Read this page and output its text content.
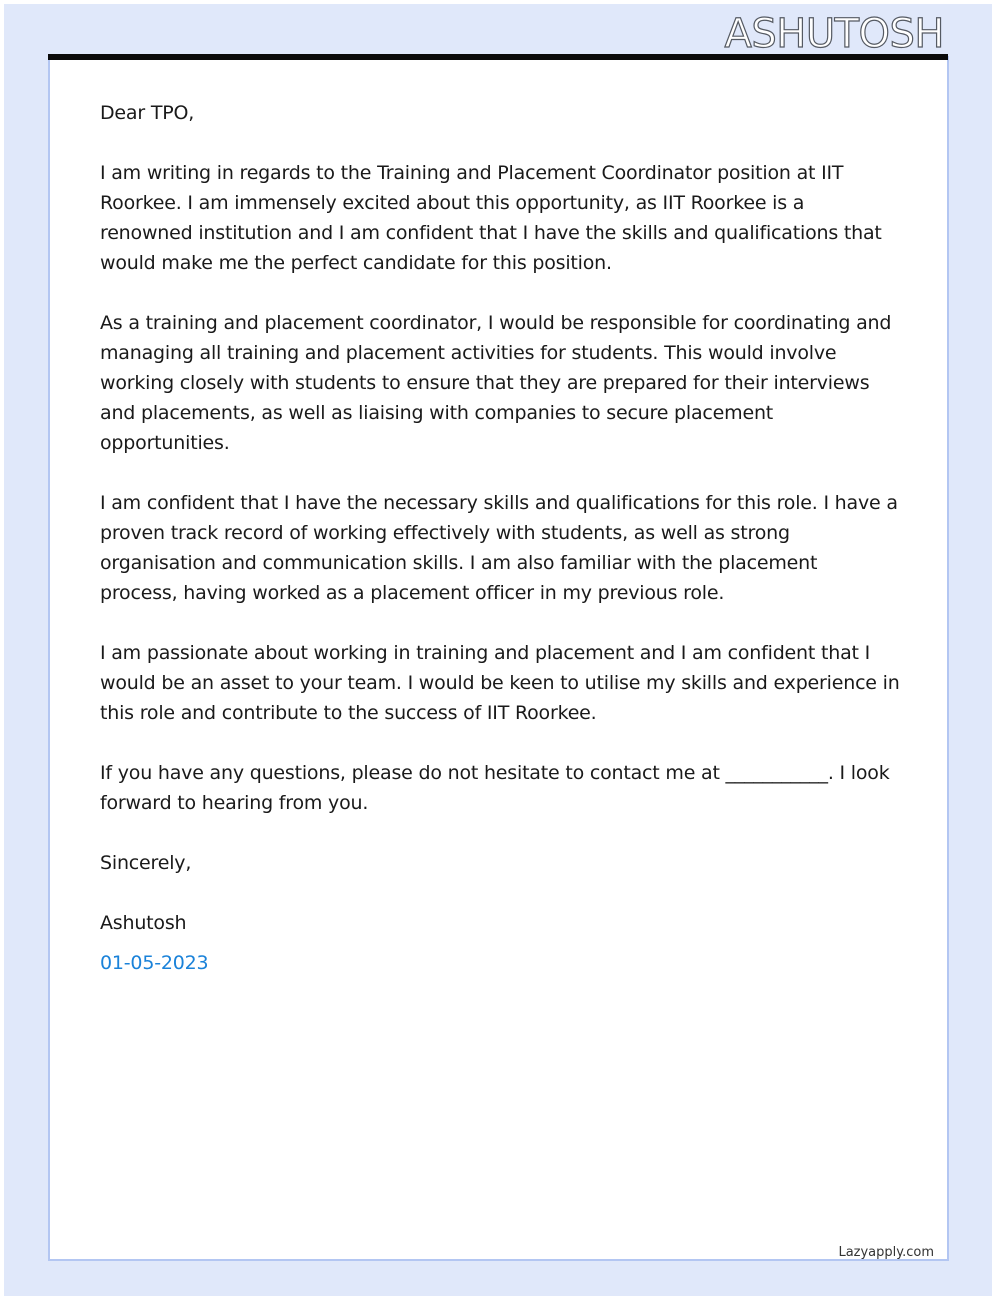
ASHUTOSH

Dear TPO,

I am writing in regards to the Training and Placement Coordinator position at IIT Roorkee. I am immensely excited about this opportunity, as IIT Roorkee is a renowned institution and I am confident that I have the skills and qualifications that would make me the perfect candidate for this position.

As a training and placement coordinator, I would be responsible for coordinating and managing all training and placement activities for students. This would involve working closely with students to ensure that they are prepared for their interviews and placements, as well as liaising with companies to secure placement opportunities.

I am confident that I have the necessary skills and qualifications for this role. I have a proven track record of working effectively with students, as well as strong organisation and communication skills. I am also familiar with the placement process, having worked as a placement officer in my previous role.

I am passionate about working in training and placement and I am confident that I would be an asset to your team. I would be keen to utilise my skills and experience in this role and contribute to the success of IIT Roorkee.

If you have any questions, please do not hesitate to contact me at ___________. I look forward to hearing from you.

Sincerely,

Ashutosh

01-05-2023

Lazyapply.com
